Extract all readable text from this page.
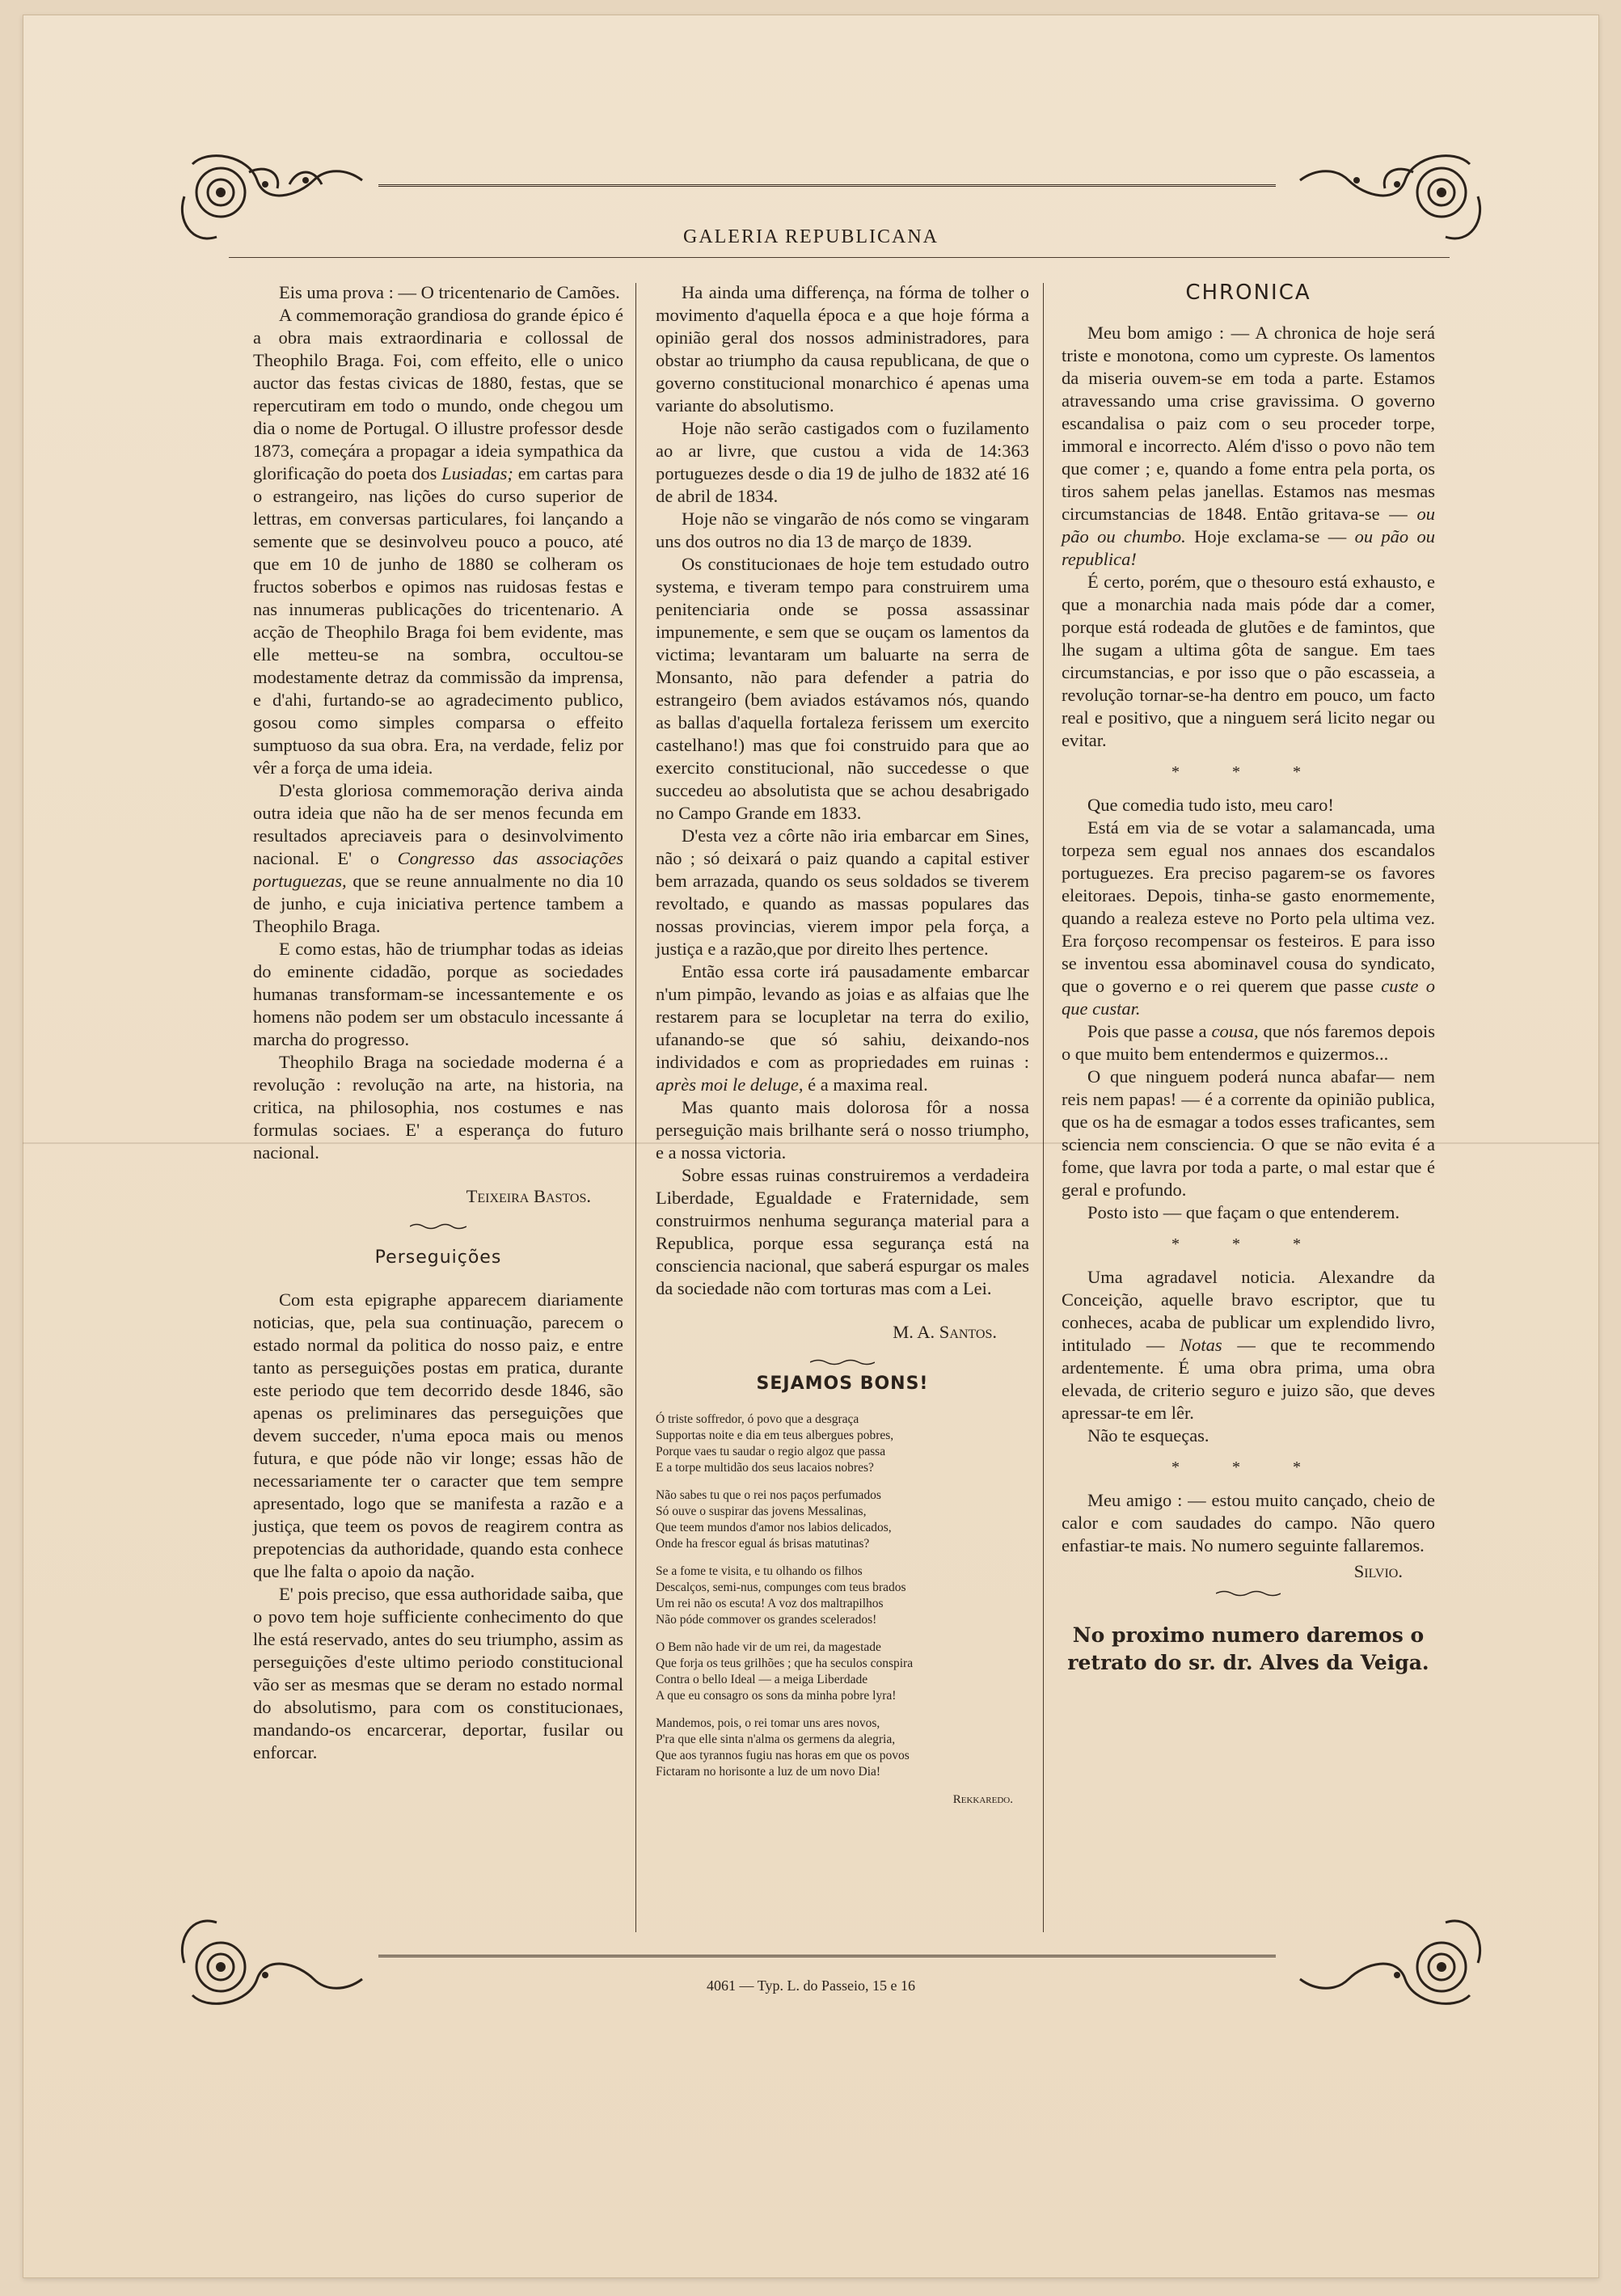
GALERIA REPUBLICANA

Eis uma prova : — O tricentenario de Camões.

A commemoração grandiosa do grande épico é a obra mais extraordinaria e collossal de Theophilo Braga. Foi, com effeito, elle o unico auctor das festas civicas de 1880, festas, que se repercutiram em todo o mundo, onde chegou um dia o nome de Portugal. O illustre professor desde 1873, começára a propagar a ideia sympathica da glorificação do poeta dos Lusiadas; em cartas para o estrangeiro, nas lições do curso superior de lettras, em conversas particulares, foi lançando a semente que se desinvolveu pouco a pouco, até que em 10 de junho de 1880 se colheram os fructos soberbos e opimos nas ruidosas festas e nas innumeras publicações do tricentenario. A acção de Theophilo Braga foi bem evidente, mas elle metteu-se na sombra, occultou-se modestamente detraz da commissão da imprensa, e d'ahi, furtando-se ao agradecimento publico, gosou como simples comparsa o effeito sumptuoso da sua obra. Era, na verdade, feliz por vêr a força de uma ideia.

D'esta gloriosa commemoração deriva ainda outra ideia que não ha de ser menos fecunda em resultados apreciaveis para o desinvolvimento nacional. E' o Congresso das associações portuguezas, que se reune annualmente no dia 10 de junho, e cuja iniciativa pertence tambem a Theophilo Braga.

E como estas, hão de triumphar todas as ideias do eminente cidadão, porque as sociedades humanas transformam-se incessantemente e os homens não podem ser um obstaculo incessante á marcha do progresso.

Theophilo Braga na sociedade moderna é a revolução : revolução na arte, na historia, na critica, na philosophia, nos costumes e nas formulas sociaes. E' a esperança do futuro nacional.

Teixeira Bastos.

Perseguições

Com esta epigraphe apparecem diariamente noticias, que, pela sua continuação, parecem o estado normal da politica do nosso paiz, e entre tanto as perseguições postas em pratica, durante este periodo que tem decorrido desde 1846, são apenas os preliminares das perseguições que devem succeder, n'uma epoca mais ou menos futura, e que póde não vir longe; essas hão de necessariamente ter o caracter que tem sempre apresentado, logo que se manifesta a razão e a justiça, que teem os povos de reagirem contra as prepotencias da authoridade, quando esta conhece que lhe falta o apoio da nação.

E' pois preciso, que essa authoridade saiba, que o povo tem hoje sufficiente conhecimento do que lhe está reservado, antes do seu triumpho, assim as perseguições d'este ultimo periodo constitucional vão ser as mesmas que se deram no estado normal do absolutismo, para com os constitucionaes, mandando-os encarcerar, deportar, fusilar ou enforcar.

Ha ainda uma differença, na fórma de tolher o movimento d'aquella época e a que hoje fórma a opinião geral dos nossos administradores, para obstar ao triumpho da causa republicana, de que o governo constitucional monarchico é apenas uma variante do absolutismo.

Hoje não serão castigados com o fuzilamento ao ar livre, que custou a vida de 14:363 portuguezes desde o dia 19 de julho de 1832 até 16 de abril de 1834.

Hoje não se vingarão de nós como se vingaram uns dos outros no dia 13 de março de 1839.

Os constitucionaes de hoje tem estudado outro systema, e tiveram tempo para construirem uma penitenciaria onde se possa assassinar impunemente, e sem que se ouçam os lamentos da victima; levantaram um baluarte na serra de Monsanto, não para defender a patria do estrangeiro (bem aviados estávamos nós, quando as ballas d'aquella fortaleza ferissem um exercito castelhano!) mas que foi construido para que ao exercito constitucional, não succedesse o que succedeu ao absolutista que se achou desabrigado no Campo Grande em 1833.

D'esta vez a côrte não iria embarcar em Sines, não ; só deixará o paiz quando a capital estiver bem arrazada, quando os seus soldados se tiverem revoltado, e quando as massas populares das nossas provincias, vierem impor pela força, a justiça e a razão,que por direito lhes pertence.

Então essa corte irá pausadamente embarcar n'um pimpão, levando as joias e as alfaias que lhe restarem para se locupletar na terra do exilio, ufanando-se que só sahiu, deixando-nos individados e com as propriedades em ruinas : après moi le deluge, é a maxima real.

Mas quanto mais dolorosa fôr a nossa perseguição mais brilhante será o nosso triumpho, e a nossa victoria.

Sobre essas ruinas construiremos a verdadeira Liberdade, Egualdade e Fraternidade, sem construirmos nenhuma segurança material para a Republica, porque essa segurança está na consciencia nacional, que saberá espurgar os males da sociedade não com torturas mas com a Lei.

M. A. Santos.

SEJAMOS BONS!
Ó triste soffredor, ó povo que a desgraça
Supportas noite e dia em teus albergues pobres,
Porque vaes tu saudar o regio algoz que passa
E a torpe multidão dos seus lacaios nobres?
Não sabes tu que o rei nos paços perfumados
Só ouve o suspirar das jovens Messalinas,
Que teem mundos d'amor nos labios delicados,
Onde ha frescor egual ás brisas matutinas?
Se a fome te visita, e tu olhando os filhos
Descalços, semi-nus, compunges com teus brados
Um rei não os escuta! A voz dos maltrapilhos
Não póde commover os grandes scelerados!
O Bem não hade vir de um rei, da magestade
Que forja os teus grilhões ; que ha seculos conspira
Contra o bello Ideal — a meiga Liberdade
A que eu consagro os sons da minha pobre lyra!
Mandemos, pois, o rei tomar uns ares novos,
P'ra que elle sinta n'alma os germens da alegria,
Que aos tyrannos fugiu nas horas em que os povos
Fictaram no horisonte a luz de um novo Dia!
Rekkaredo.
CHRONICA

Meu bom amigo : — A chronica de hoje será triste e monotona, como um cypreste. Os lamentos da miseria ouvem-se em toda a parte. Estamos atravessando uma crise gravissima. O governo escandalisa o paiz com o seu proceder torpe, immoral e incorrecto. Além d'isso o povo não tem que comer ; e, quando a fome entra pela porta, os tiros sahem pelas janellas. Estamos nas mesmas circumstancias de 1848. Então gritava-se — ou pão ou chumbo. Hoje exclama-se — ou pão ou republica!

É certo, porém, que o thesouro está exhausto, e que a monarchia nada mais póde dar a comer, porque está rodeada de glutões e de famintos, que lhe sugam a ultima gôta de sangue. Em taes circumstancias, e por isso que o pão escasseia, a revolução tornar-se-ha dentro em pouco, um facto real e positivo, que a ninguem será licito negar ou evitar.

* * *

Que comedia tudo isto, meu caro!

Está em via de se votar a salamancada, uma torpeza sem egual nos annaes dos escandalos portuguezes. Era preciso pagarem-se os favores eleitoraes. Depois, tinha-se gasto enormemente, quando a realeza esteve no Porto pela ultima vez. Era forçoso recompensar os festeiros. E para isso se inventou essa abominavel cousa do syndicato, que o governo e o rei querem que passe custe o que custar.

Pois que passe a cousa, que nós faremos depois o que muito bem entendermos e quizermos...

O que ninguem poderá nunca abafar— nem reis nem papas! — é a corrente da opinião publica, que os ha de esmagar a todos esses traficantes, sem sciencia nem consciencia. O que se não evita é a fome, que lavra por toda a parte, o mal estar que é geral e profundo.

Posto isto — que façam o que entenderem.

* * *

Uma agradavel noticia. Alexandre da Conceição, aquelle bravo escriptor, que tu conheces, acaba de publicar um explendido livro, intitulado — Notas — que te recommendo ardentemente. É uma obra prima, uma obra elevada, de criterio seguro e juizo são, que deves apressar-te em lêr.

Não te esqueças.

* * *

Meu amigo : — estou muito cançado, cheio de calor e com saudades do campo. Não quero enfastiar-te mais. No numero seguinte fallaremos.

Silvio.

No proximo numero daremos o retrato do sr. dr. Alves da Veiga.
4061 — Typ. L. do Passeio, 15 e 16
